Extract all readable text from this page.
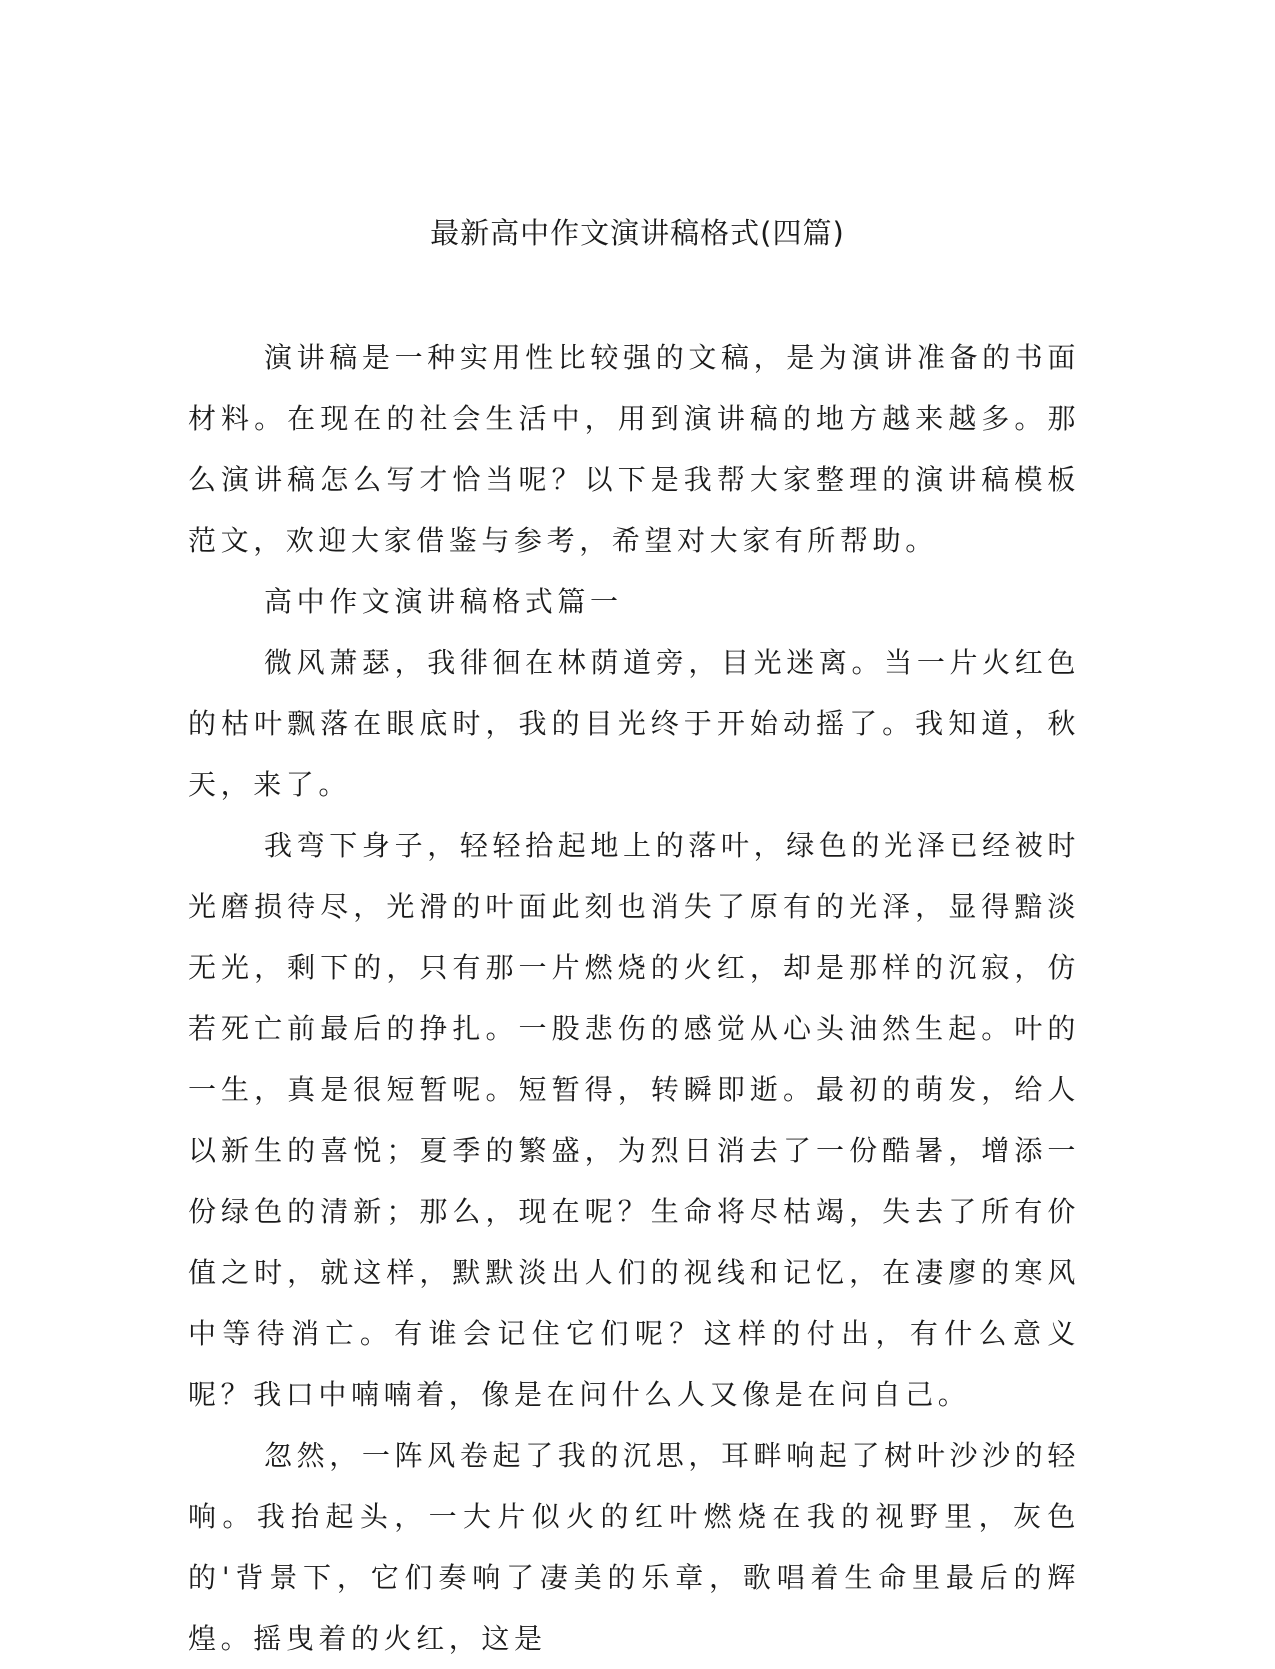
最新高中作文演讲稿格式(四篇)

演讲稿是一种实用性比较强的文稿，是为演讲准备的书面材料。在现在的社会生活中，用到演讲稿的地方越来越多。那么演讲稿怎么写才恰当呢？以下是我帮大家整理的演讲稿模板范文，欢迎大家借鉴与参考，希望对大家有所帮助。

高中作文演讲稿格式篇一

微风萧瑟，我徘徊在林荫道旁，目光迷离。当一片火红色的枯叶飘落在眼底时，我的目光终于开始动摇了。我知道，秋天，来了。

我弯下身子，轻轻拾起地上的落叶，绿色的光泽已经被时光磨损待尽，光滑的叶面此刻也消失了原有的光泽，显得黯淡无光，剩下的，只有那一片燃烧的火红，却是那样的沉寂，仿若死亡前最后的挣扎。一股悲伤的感觉从心头油然生起。叶的一生，真是很短暂呢。短暂得，转瞬即逝。最初的萌发，给人以新生的喜悦；夏季的繁盛，为烈日消去了一份酷暑，增添一份绿色的清新；那么，现在呢？生命将尽枯竭，失去了所有价值之时，就这样，默默淡出人们的视线和记忆，在凄廖的寒风中等待消亡。有谁会记住它们呢？这样的付出，有什么意义呢？我口中喃喃着，像是在问什么人又像是在问自己。

忽然，一阵风卷起了我的沉思，耳畔响起了树叶沙沙的轻响。我抬起头，一大片似火的红叶燃烧在我的视野里，灰色的'背景下，它们奏响了凄美的乐章，歌唱着生命里最后的辉煌。摇曳着的火红，这是
